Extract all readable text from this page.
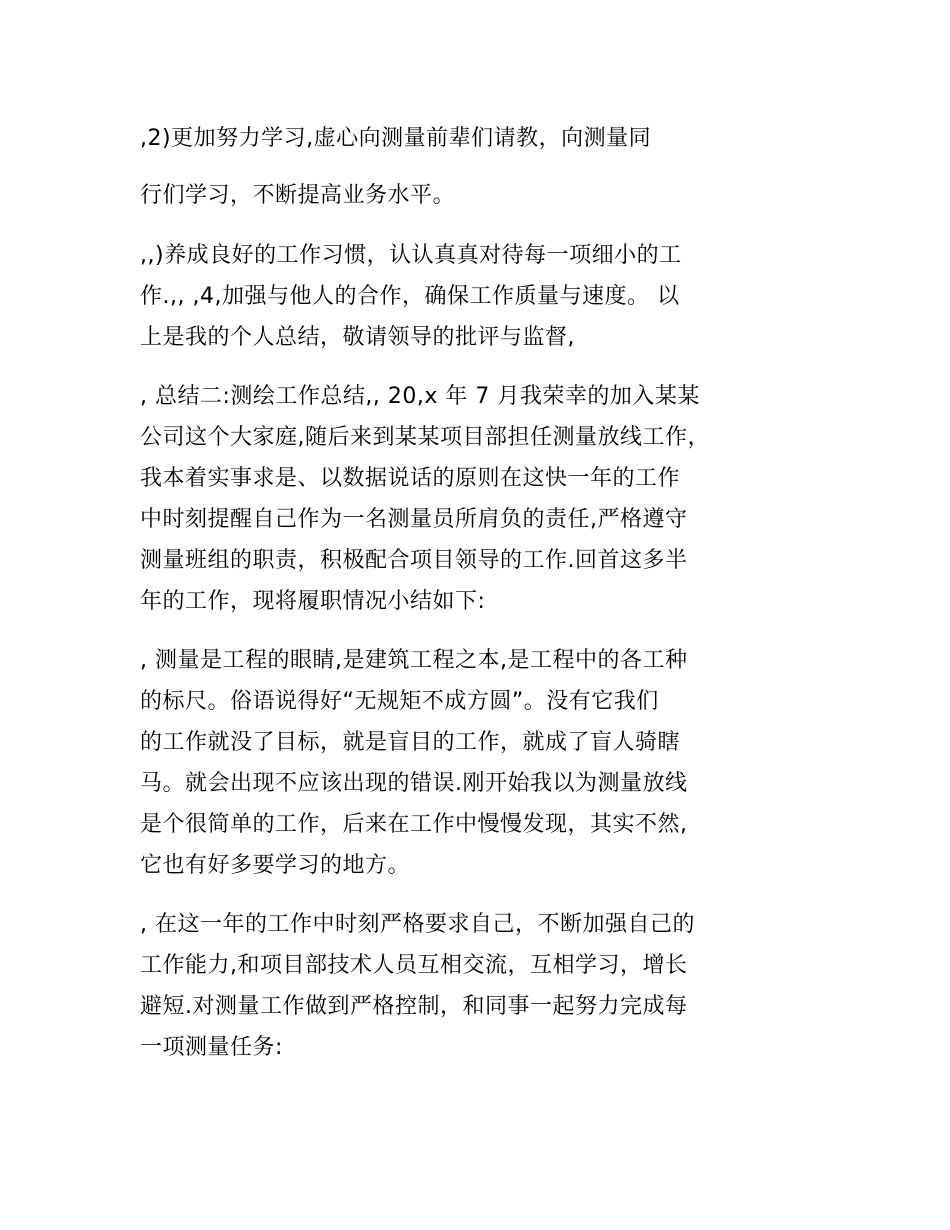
,2)更加努力学习,虚心向测量前辈们请教，向测量同
行们学习，不断提高业务水平。
,,)养成良好的工作习惯，认认真真对待每一项细小的工
作.,, ,4,加强与他人的合作，确保工作质量与速度。 以
上是我的个人总结，敬请领导的批评与监督,
, 总结二:测绘工作总结,, 20,x 年 7 月我荣幸的加入某某
公司这个大家庭,随后来到某某项目部担任测量放线工作，
我本着实事求是、以数据说话的原则在这快一年的工作
中时刻提醒自己作为一名测量员所肩负的责任,严格遵守
测量班组的职责，积极配合项目领导的工作.回首这多半
年的工作，现将履职情况小结如下:
, 测量是工程的眼睛,是建筑工程之本,是工程中的各工种
的标尺。俗语说得好“无规矩不成方圆”。没有它我们
的工作就没了目标，就是盲目的工作，就成了盲人骑瞎
马。就会出现不应该出现的错误.刚开始我以为测量放线
是个很简单的工作，后来在工作中慢慢发现，其实不然,
它也有好多要学习的地方。
, 在这一年的工作中时刻严格要求自己，不断加强自己的
工作能力,和项目部技术人员互相交流，互相学习，增长
避短.对测量工作做到严格控制，和同事一起努力完成每
一项测量任务:
